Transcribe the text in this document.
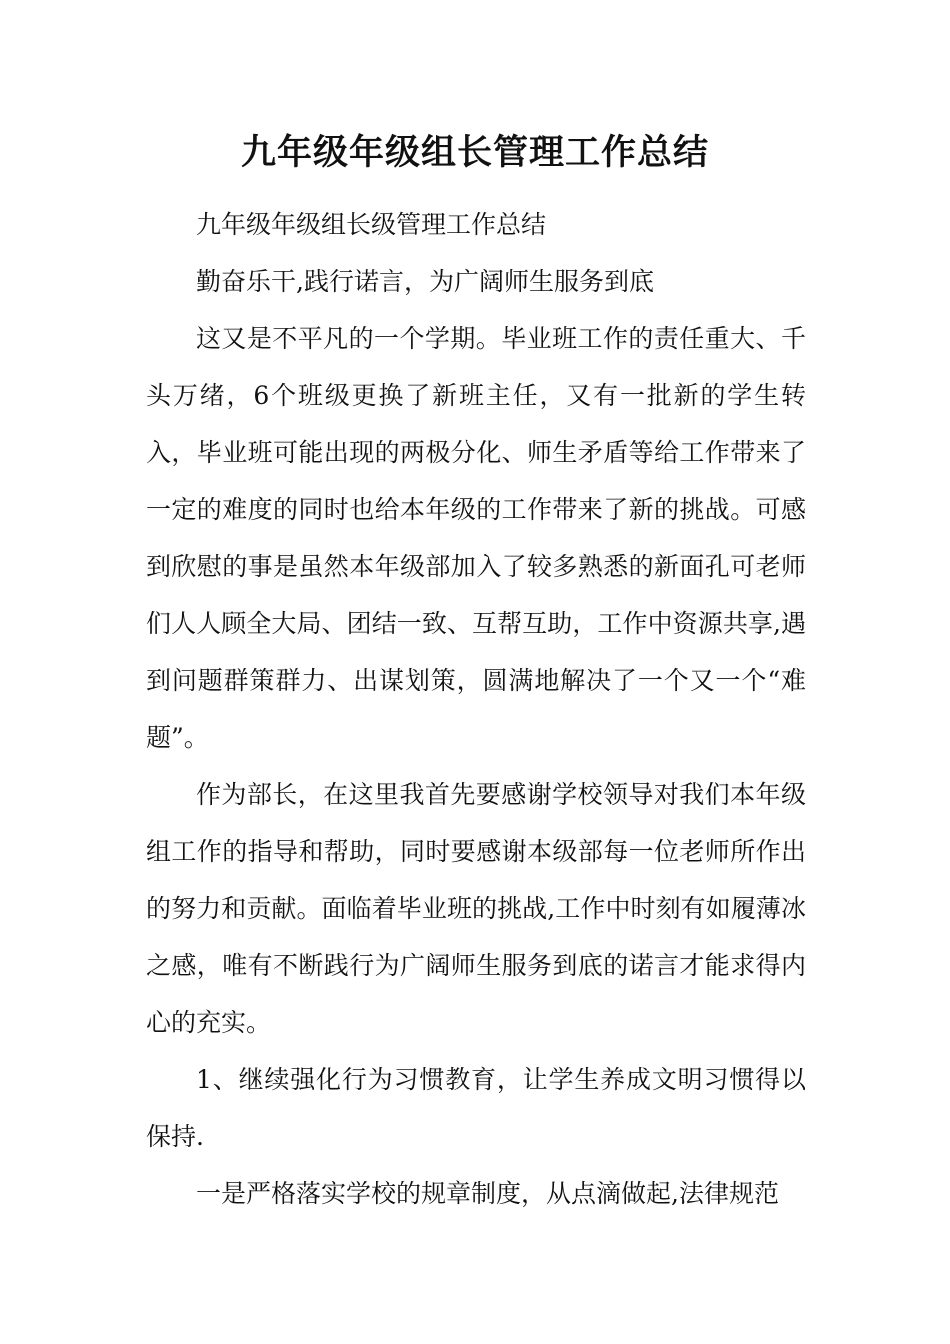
九年级年级组长管理工作总结

九年级年级组长级管理工作总结

勤奋乐干,践行诺言，为广阔师生服务到底

这又是不平凡的一个学期。毕业班工作的责任重大、千头万绪，6个班级更换了新班主任，又有一批新的学生转入，毕业班可能出现的两极分化、师生矛盾等给工作带来了一定的难度的同时也给本年级的工作带来了新的挑战。可感到欣慰的事是虽然本年级部加入了较多熟悉的新面孔可老师们人人顾全大局、团结一致、互帮互助，工作中资源共享,遇到问题群策群力、出谋划策，圆满地解决了一个又一个“难题”。

作为部长，在这里我首先要感谢学校领导对我们本年级组工作的指导和帮助，同时要感谢本级部每一位老师所作出的努力和贡献。面临着毕业班的挑战,工作中时刻有如履薄冰之感，唯有不断践行为广阔师生服务到底的诺言才能求得内心的充实。

1、继续强化行为习惯教育，让学生养成文明习惯得以保持.

一是严格落实学校的规章制度，从点滴做起,法律规范
